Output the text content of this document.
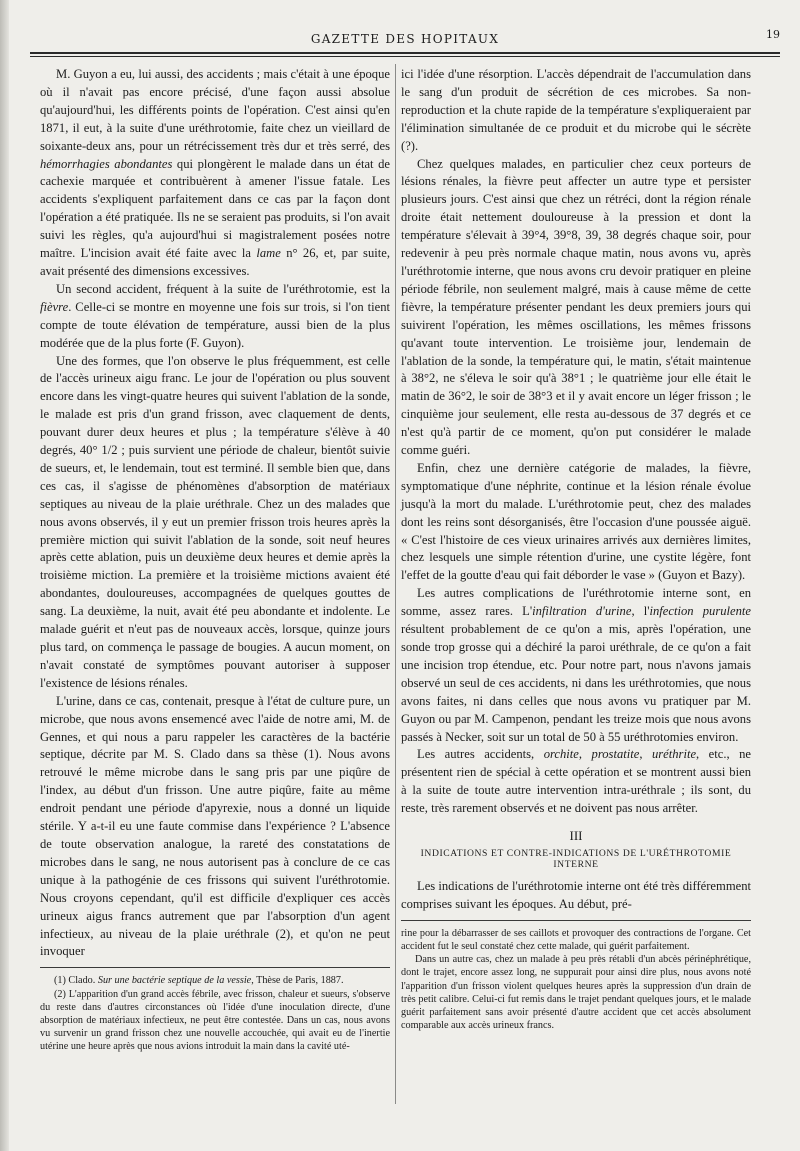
GAZETTE DES HOPITAUX	19

M. Guyon a eu, lui aussi, des accidents ; mais c'était à une époque où il n'avait pas encore précisé, d'une façon aussi absolue qu'aujourd'hui, les différents points de l'opération. C'est ainsi qu'en 1871, il eut, à la suite d'une uréthrotomie, faite chez un vieillard de soixante-deux ans, pour un rétrécissement très dur et très serré, des hémorrhagies abondantes qui plongèrent le malade dans un état de cachexie marquée et contribuèrent à amener l'issue fatale. Les accidents s'expliquent parfaitement dans ce cas par la façon dont l'opération a été pratiquée. Ils ne se seraient pas produits, si l'on avait suivi les règles, qu'a aujourd'hui si magistralement posées notre maître. L'incision avait été faite avec la lame n° 26, et, par suite, avait présenté des dimensions excessives.

Un second accident, fréquent à la suite de l'uréthrotomie, est la fièvre. Celle-ci se montre en moyenne une fois sur trois, si l'on tient compte de toute élévation de température, aussi bien de la plus modérée que de la plus forte (F. Guyon).

Une des formes, que l'on observe le plus fréquemment, est celle de l'accès urineux aigu franc. Le jour de l'opération ou plus souvent encore dans les vingt-quatre heures qui suivent l'ablation de la sonde, le malade est pris d'un grand frisson, avec claquement de dents, pouvant durer deux heures et plus ; la température s'élève à 40 degrés, 40° 1/2 ; puis survient une période de chaleur, bientôt suivie de sueurs, et, le lendemain, tout est terminé. Il semble bien que, dans ces cas, il s'agisse de phénomènes d'absorption de matériaux septiques au niveau de la plaie uréthrale. Chez un des malades que nous avons observés, il y eut un premier frisson trois heures après la première miction qui suivit l'ablation de la sonde, soit neuf heures après cette ablation, puis un deuxième deux heures et demie après la troisième miction. La première et la troisième mictions avaient été abondantes, douloureuses, accompagnées de quelques gouttes de sang. La deuxième, la nuit, avait été peu abondante et indolente. Le malade guérit et n'eut pas de nouveaux accès, lorsque, quinze jours plus tard, on commença le passage de bougies. A aucun moment, on n'avait constaté de symptômes pouvant autoriser à supposer l'existence de lésions rénales.

L'urine, dans ce cas, contenait, presque à l'état de culture pure, un microbe, que nous avons ensemencé avec l'aide de notre ami, M. de Gennes, et qui nous a paru rappeler les caractères de la bactérie septique, décrite par M. S. Clado dans sa thèse (1). Nous avons retrouvé le même microbe dans le sang pris par une piqûre de l'index, au début d'un frisson. Une autre piqûre, faite au même endroit pendant une période d'apyrexie, nous a donné un liquide stérile. Y a-t-il eu une faute commise dans l'expérience ? L'absence de toute observation analogue, la rareté des constatations de microbes dans le sang, ne nous autorisent pas à conclure de ce cas unique à la pathogénie de ces frissons qui suivent l'uréthrotomie. Nous croyons cependant, qu'il est difficile d'expliquer ces accès urineux aigus francs autrement que par l'absorption d'un agent infectieux, au niveau de la plaie uréthrale (2), et qu'on ne peut invoquer

(1) Clado. Sur une bactérie septique de la vessie, Thèse de Paris, 1887.

(2) L'apparition d'un grand accès fébrile, avec frisson, chaleur et sueurs, s'observe du reste dans d'autres circonstances où l'idée d'une inoculation directe, d'une absorption de matériaux infectieux, ne peut être contestée. Dans un cas, nous avons vu survenir un grand frisson chez une nouvelle accouchée, qui avait eu de l'inertie utérine une heure après que nous avions introduit la main dans la cavité uté-

ici l'idée d'une résorption. L'accès dépendrait de l'accumulation dans le sang d'un produit de sécrétion de ces microbes. Sa non-reproduction et la chute rapide de la température s'expliqueraient par l'élimination simultanée de ce produit et du microbe qui le sécrète (?).

Chez quelques malades, en particulier chez ceux porteurs de lésions rénales, la fièvre peut affecter un autre type et persister plusieurs jours. C'est ainsi que chez un rétréci, dont la région rénale droite était nettement douloureuse à la pression et dont la température s'élevait à 39°4, 39°8, 39, 38 degrés chaque soir, pour redevenir à peu près normale chaque matin, nous avons vu, après l'uréthrotomie interne, que nous avons cru devoir pratiquer en pleine période fébrile, non seulement malgré, mais à cause même de cette fièvre, la température présenter pendant les deux premiers jours qui suivirent l'opération, les mêmes oscillations, les mêmes frissons qu'avant toute intervention. Le troisième jour, lendemain de l'ablation de la sonde, la température qui, le matin, s'était maintenue à 38°2, ne s'éleva le soir qu'à 38°1 ; le quatrième jour elle était le matin de 36°2, le soir de 38°3 et il y avait encore un léger frisson ; le cinquième jour seulement, elle resta au-dessous de 37 degrés et ce n'est qu'à partir de ce moment, qu'on put considérer le malade comme guéri.

Enfin, chez une dernière catégorie de malades, la fièvre, symptomatique d'une néphrite, continue et la lésion rénale évolue jusqu'à la mort du malade. L'uréthrotomie peut, chez des malades dont les reins sont désorganisés, être l'occasion d'une poussée aiguë. « C'est l'histoire de ces vieux urinaires arrivés aux dernières limites, chez lesquels une simple rétention d'urine, une cystite légère, font l'effet de la goutte d'eau qui fait déborder le vase » (Guyon et Bazy).

Les autres complications de l'uréthrotomie interne sont, en somme, assez rares. L'infiltration d'urine, l'infection purulente résultent probablement de ce qu'on a mis, après l'opération, une sonde trop grosse qui a déchiré la paroi uréthrale, de ce qu'on a fait une incision trop étendue, etc. Pour notre part, nous n'avons jamais observé un seul de ces accidents, ni dans les uréthrotomies, que nous avons faites, ni dans celles que nous avons vu pratiquer par M. Guyon ou par M. Campenon, pendant les treize mois que nous avons passés à Necker, soit sur un total de 50 à 55 uréthrotomies environ.

Les autres accidents, orchite, prostatite, uréthrite, etc., ne présentent rien de spécial à cette opération et se montrent aussi bien à la suite de toute autre intervention intra-uréthrale ; ils sont, du reste, très rarement observés et ne doivent pas nous arrêter.

III
INDICATIONS ET CONTRE-INDICATIONS DE L'URÉTHROTOMIE INTERNE

Les indications de l'uréthrotomie interne ont été très différemment comprises suivant les époques. Au début, pré-

rine pour la débarrasser de ses caillots et provoquer des contractions de l'organe. Cet accident fut le seul constaté chez cette malade, qui guérit parfaitement.

Dans un autre cas, chez un malade à peu près rétabli d'un abcès périnéphrétique, dont le trajet, encore assez long, ne suppurait pour ainsi dire plus, nous avons noté l'apparition d'un frisson violent quelques heures après la suppression d'un drain de très petit calibre. Celui-ci fut remis dans le trajet pendant quelques jours, et le malade guérit parfaitement sans avoir présenté d'autre accident que cet accès absolument comparable aux accès urineux francs.
